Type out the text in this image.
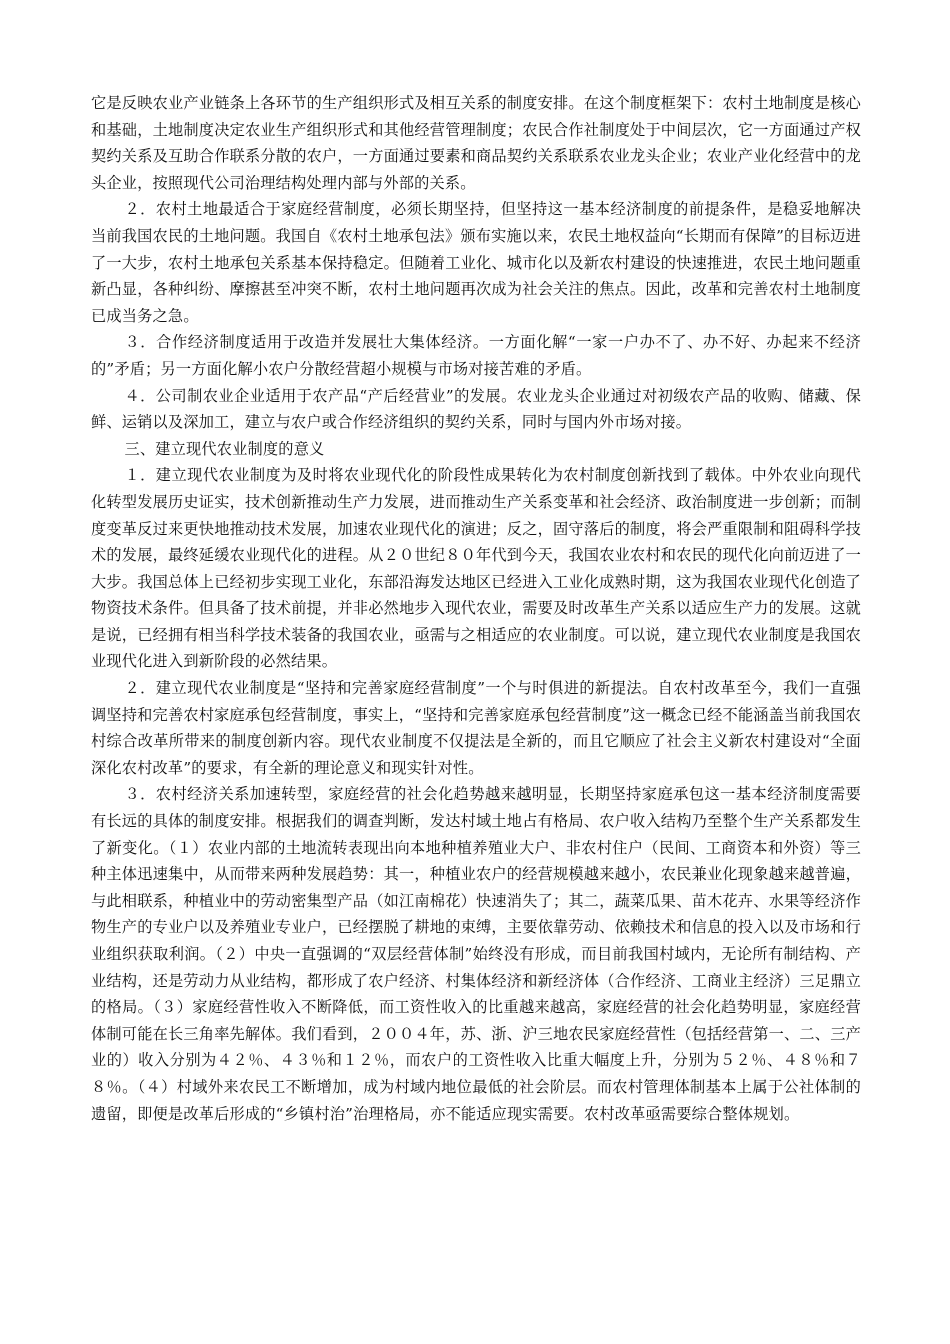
它是反映农业产业链条上各环节的生产组织形式及相互关系的制度安排。在这个制度框架下：农村土地制度是核心和基础，土地制度决定农业生产组织形式和其他经营管理制度；农民合作社制度处于中间层次，它一方面通过产权契约关系及互助合作联系分散的农户，一方面通过要素和商品契约关系联系农业龙头企业；农业产业化经营中的龙头企业，按照现代公司治理结构处理内部与外部的关系。

２．农村土地最适合于家庭经营制度，必须长期坚持，但坚持这一基本经济制度的前提条件，是稳妥地解决当前我国农民的土地问题。我国自《农村土地承包法》颁布实施以来，农民土地权益向“长期而有保障”的目标迈进了一大步，农村土地承包关系基本保持稳定。但随着工业化、城市化以及新农村建设的快速推进，农民土地问题重新凸显，各种纠纷、摩擦甚至冲突不断，农村土地问题再次成为社会关注的焦点。因此，改革和完善农村土地制度已成当务之急。

３．合作经济制度适用于改造并发展壮大集体经济。一方面化解“一家一户办不了、办不好、办起来不经济的”矛盾；另一方面化解小农户分散经营超小规模与市场对接苦难的矛盾。

４．公司制农业企业适用于农产品“产后经营业”的发展。农业龙头企业通过对初级农产品的收购、储藏、保鲜、运销以及深加工，建立与农户或合作经济组织的契约关系，同时与国内外市场对接。

三、建立现代农业制度的意义

１．建立现代农业制度为及时将农业现代化的阶段性成果转化为农村制度创新找到了载体。中外农业向现代化转型发展历史证实，技术创新推动生产力发展，进而推动生产关系变革和社会经济、政治制度进一步创新；而制度变革反过来更快地推动技术发展，加速农业现代化的演进；反之，固守落后的制度，将会严重限制和阻碍科学技术的发展，最终延缓农业现代化的进程。从２０世纪８０年代到今天，我国农业农村和农民的现代化向前迈进了一大步。我国总体上已经初步实现工业化，东部沿海发达地区已经进入工业化成熟时期，这为我国农业现代化创造了物资技术条件。但具备了技术前提，并非必然地步入现代农业，需要及时改革生产关系以适应生产力的发展。这就是说，已经拥有相当科学技术装备的我国农业，亟需与之相适应的农业制度。可以说，建立现代农业制度是我国农业现代化进入到新阶段的必然结果。

２．建立现代农业制度是“坚持和完善家庭经营制度”一个与时俱进的新提法。自农村改革至今，我们一直强调坚持和完善农村家庭承包经营制度，事实上，“坚持和完善家庭承包经营制度”这一概念已经不能涵盖当前我国农村综合改革所带来的制度创新内容。现代农业制度不仅提法是全新的，而且它顺应了社会主义新农村建设对“全面深化农村改革”的要求，有全新的理论意义和现实针对性。

３．农村经济关系加速转型，家庭经营的社会化趋势越来越明显，长期坚持家庭承包这一基本经济制度需要有长远的具体的制度安排。根据我们的调查判断，发达村域土地占有格局、农户收入结构乃至整个生产关系都发生了新变化。（１）农业内部的土地流转表现出向本地种植养殖业大户、非农村住户（民间、工商资本和外资）等三种主体迅速集中，从而带来两种发展趋势：其一，种植业农户的经营规模越来越小，农民兼业化现象越来越普遍，与此相联系，种植业中的劳动密集型产品（如江南棉花）快速消失了；其二，蔬菜瓜果、苗木花卉、水果等经济作物生产的专业户以及养殖业专业户，已经摆脱了耕地的束缚，主要依靠劳动、依赖技术和信息的投入以及市场和行业组织获取利润。（２）中央一直强调的“双层经营体制”始终没有形成，而目前我国村域内，无论所有制结构、产业结构，还是劳动力从业结构，都形成了农户经济、村集体经济和新经济体（合作经济、工商业主经济）三足鼎立的格局。（３）家庭经营性收入不断降低，而工资性收入的比重越来越高，家庭经营的社会化趋势明显，家庭经营体制可能在长三角率先解体。我们看到，２００４年，苏、浙、沪三地农民家庭经营性（包括经营第一、二、三产业的）收入分别为４２％、４３％和１２％，而农户的工资性收入比重大幅度上升，分别为５２％、４８％和７８％。（４）村域外来农民工不断增加，成为村域内地位最低的社会阶层。而农村管理体制基本上属于公社体制的遗留，即便是改革后形成的“乡镇村治”治理格局，亦不能适应现实需要。农村改革亟需要综合整体规划。
